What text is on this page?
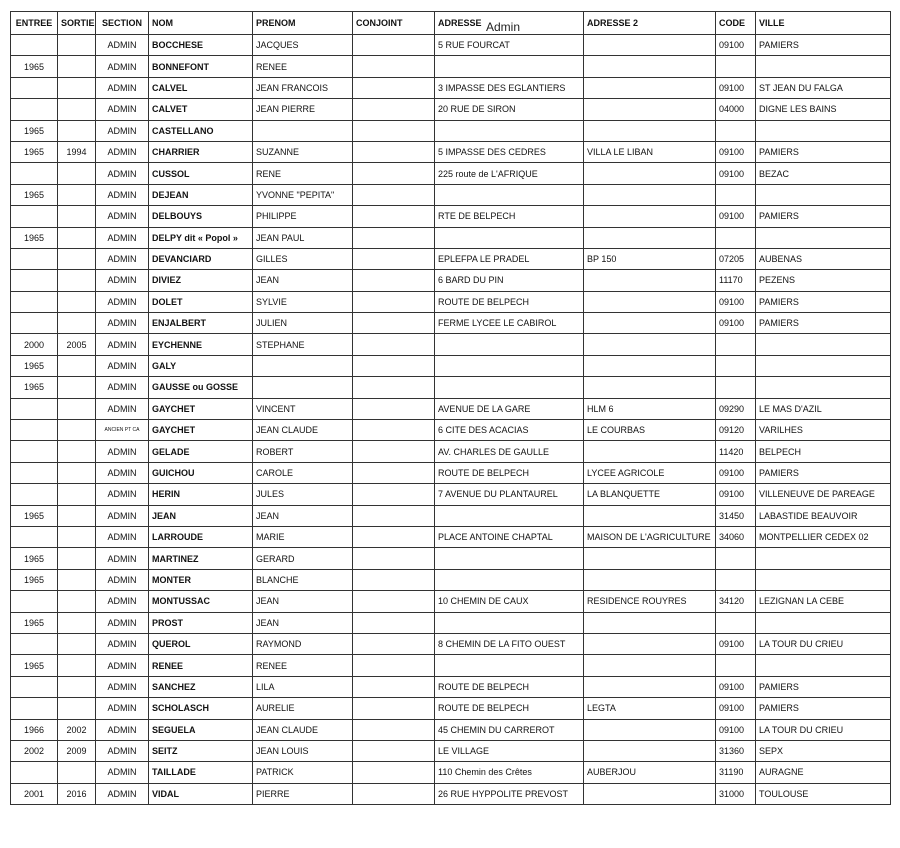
Admin
ENTREE	SORTIE	SECTION	NOM	PRENOM	CONJOINT	ADRESSE	ADRESSE 2	CODE	VILLE
		ADMIN	BOCCHESE	JACQUES		5 RUE FOURCAT		09100	PAMIERS
1965		ADMIN	BONNEFONT	RENEE					
		ADMIN	CALVEL	JEAN FRANCOIS		3 IMPASSE DES EGLANTIERS		09100	ST JEAN DU FALGA
		ADMIN	CALVET	JEAN PIERRE		20 RUE DE SIRON		04000	DIGNE LES BAINS
1965		ADMIN	CASTELLANO						
1965	1994	ADMIN	CHARRIER	SUZANNE		5 IMPASSE DES CEDRES	VILLA LE LIBAN	09100	PAMIERS
		ADMIN	CUSSOL	RENE		225 route de L'AFRIQUE		09100	BEZAC
1965		ADMIN	DEJEAN	YVONNE "PEPITA"					
		ADMIN	DELBOUYS	PHILIPPE		RTE DE BELPECH		09100	PAMIERS
1965		ADMIN	DELPY dit « Popol »	JEAN PAUL					
		ADMIN	DEVANCIARD	GILLES		EPLEFPA LE PRADEL	BP 150	07205	AUBENAS
		ADMIN	DIVIEZ	JEAN		6 BARD DU PIN		11170	PEZENS
		ADMIN	DOLET	SYLVIE		ROUTE DE BELPECH		09100	PAMIERS
		ADMIN	ENJALBERT	JULIEN		FERME LYCEE LE CABIROL		09100	PAMIERS
2000	2005	ADMIN	EYCHENNE	STEPHANE					
1965		ADMIN	GALY						
1965		ADMIN	GAUSSE ou GOSSE						
		ADMIN	GAYCHET	VINCENT		AVENUE DE LA GARE	HLM 6	09290	LE MAS D'AZIL
		ANCIEN PT CA	GAYCHET	JEAN CLAUDE		6 CITE DES ACACIAS	LE COURBAS	09120	VARILHES
		ADMIN	GELADE	ROBERT		AV. CHARLES DE GAULLE		11420	BELPECH
		ADMIN	GUICHOU	CAROLE		ROUTE DE BELPECH	LYCEE AGRICOLE	09100	PAMIERS
		ADMIN	HERIN	JULES		7 AVENUE DU PLANTAUREL	LA BLANQUETTE	09100	VILLENEUVE DE PAREAGE
1965		ADMIN	JEAN	JEAN				31450	LABASTIDE BEAUVOIR
		ADMIN	LARROUDE	MARIE		PLACE ANTOINE CHAPTAL	MAISON DE L'AGRICULTURE	34060	MONTPELLIER CEDEX 02
1965		ADMIN	MARTINEZ	GERARD					
1965		ADMIN	MONTER	BLANCHE					
		ADMIN	MONTUSSAC	JEAN		10 CHEMIN DE CAUX	RESIDENCE ROUYRES	34120	LEZIGNAN LA CEBE
1965		ADMIN	PROST	JEAN					
		ADMIN	QUEROL	RAYMOND		8 CHEMIN DE LA FITO OUEST		09100	LA TOUR DU CRIEU
1965		ADMIN	RENEE	RENEE					
		ADMIN	SANCHEZ	LILA		ROUTE DE BELPECH		09100	PAMIERS
		ADMIN	SCHOLASCH	AURELIE		ROUTE DE BELPECH	LEGTA	09100	PAMIERS
1966	2002	ADMIN	SEGUELA	JEAN CLAUDE		45 CHEMIN DU CARREROT		09100	LA TOUR DU CRIEU
2002	2009	ADMIN	SEITZ	JEAN LOUIS		LE VILLAGE		31360	SEPX
		ADMIN	TAILLADE	PATRICK		110 Chemin des Crêtes	AUBERJOU	31190	AURAGNE
2001	2016	ADMIN	VIDAL	PIERRE		26 RUE HYPPOLITE PREVOST		31000	TOULOUSE
